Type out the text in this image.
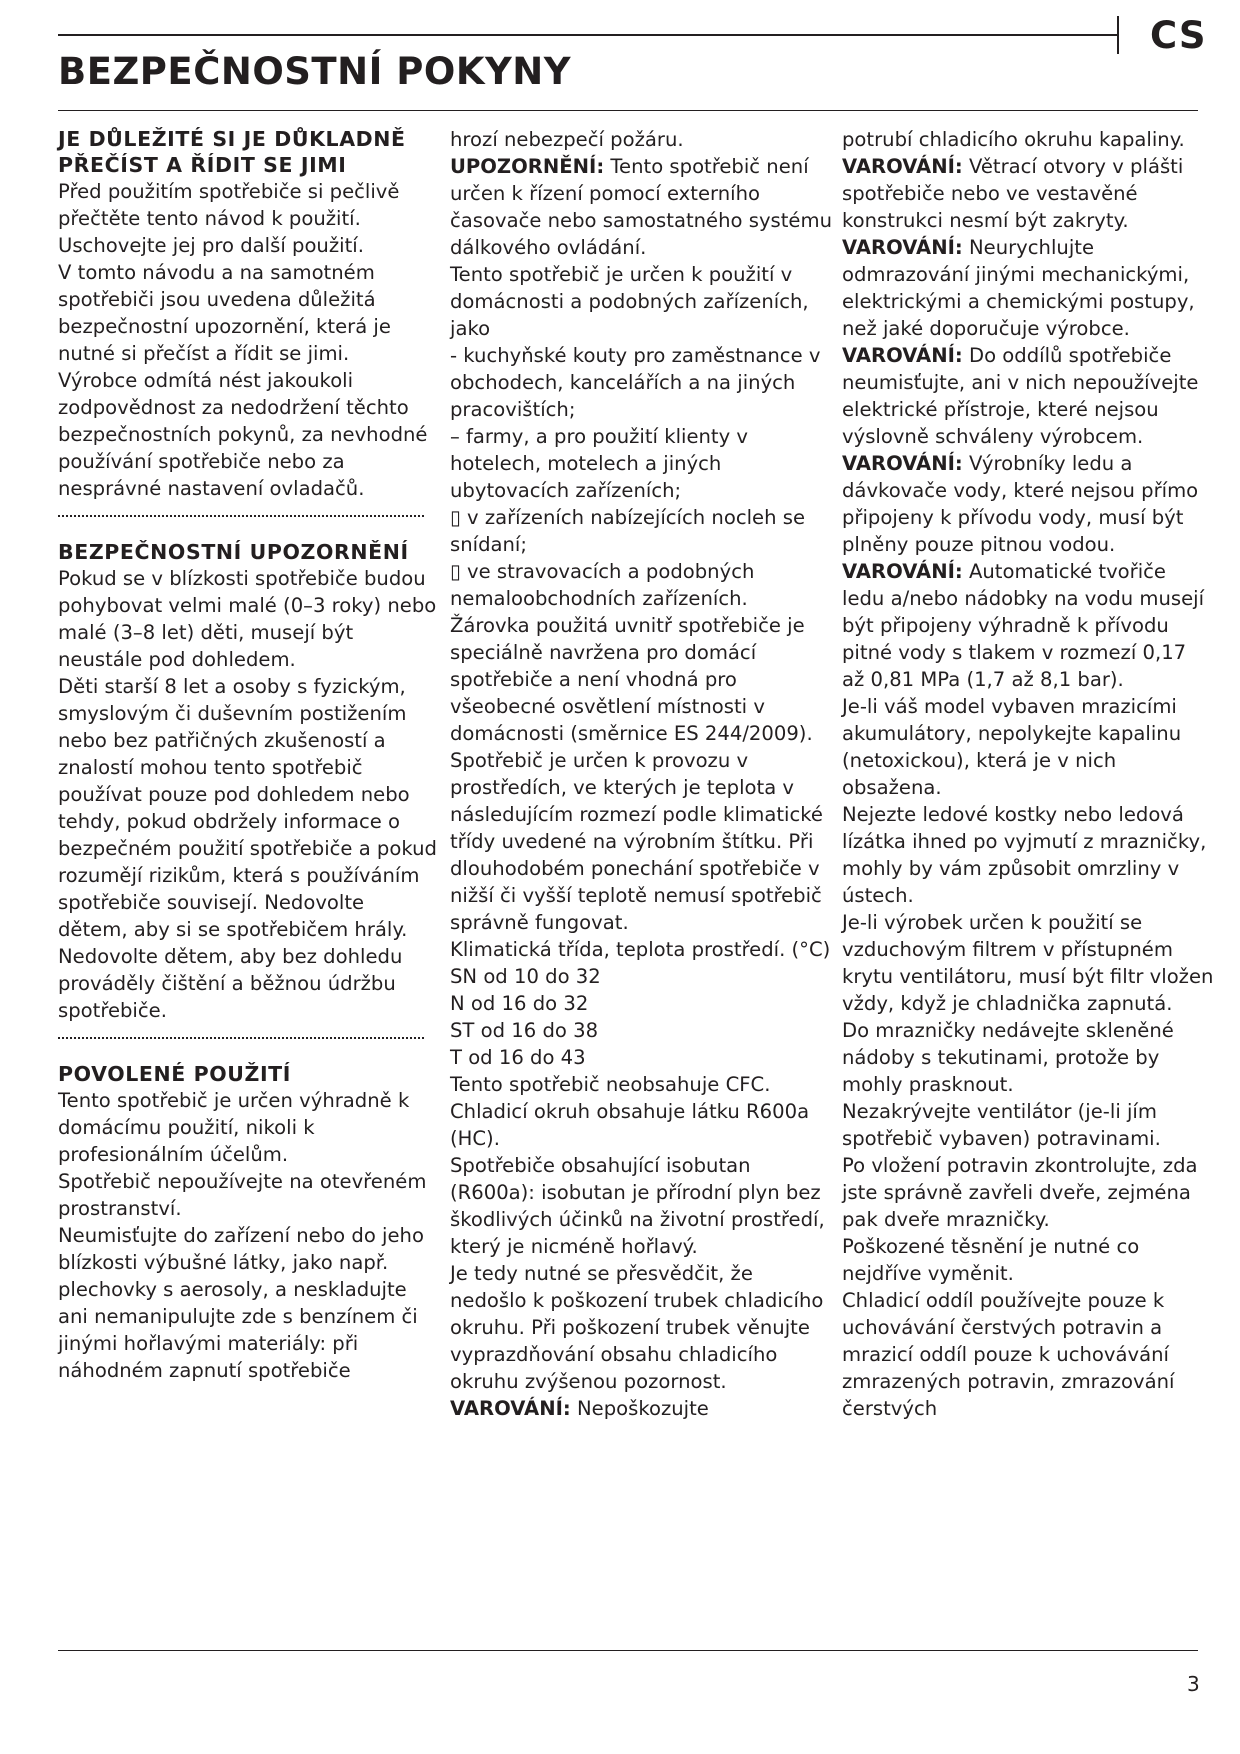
CS
BEZPEČNOSTNÍ POKYNY
JE DŮLEŽITÉ SI JE DŮKLADNĚ PŘEČÍST A ŘÍDIT SE JIMI

Před použitím spotřebiče si pečlivě přečtěte tento návod k použití.

Uschovejte jej pro další použití.

V tomto návodu a na samotném spotřebiči jsou uvedena důležitá bezpečnostní upozornění, která je nutné si přečíst a řídit se jimi.

Výrobce odmítá nést jakoukoli zodpovědnost za nedodržení těchto bezpečnostních pokynů, za nevhodné používání spotřebiče nebo za nesprávné nastavení ovladačů.

BEZPEČNOSTNÍ UPOZORNĚNÍ

Pokud se v blízkosti spotřebiče budou pohybovat velmi malé (0–3 roky) nebo malé (3–8 let) děti, musejí být neustále pod dohledem.

Děti starší 8 let a osoby s fyzickým, smyslovým či duševním postižením nebo bez patřičných zkušeností a znalostí mohou tento spotřebič používat pouze pod dohledem nebo tehdy, pokud obdržely informace o bezpečném použití spotřebiče a pokud rozumějí rizikům, která s používáním spotřebiče souvisejí. Nedovolte dětem, aby si se spotřebičem hrály. Nedovolte dětem, aby bez dohledu prováděly čištění a běžnou údržbu spotřebiče.

POVOLENÉ POUŽITÍ

Tento spotřebič je určen výhradně k domácímu použití, nikoli k profesionálním účelům.

Spotřebič nepoužívejte na otevřeném prostranství.

Neumisťujte do zařízení nebo do jeho blízkosti výbušné látky, jako např. plechovky s aerosoly, a neskladujte ani nemanipulujte zde s benzínem či jinými hořlavými materiály: při náhodném zapnutí spotřebiče

hrozí nebezpečí požáru.

UPOZORNĚNÍ: Tento spotřebič není určen k řízení pomocí externího časovače nebo samostatného systému dálkového ovládání.

Tento spotřebič je určen k použití v domácnosti a podobných zařízeních, jako

- kuchyňské kouty pro zaměstnance v obchodech, kancelářích a na jiných pracovištích;

– farmy, a pro použití klienty v hotelech, motelech a jiných ubytovacích zařízeních;

▯ v zařízeních nabízejících nocleh se snídaní;

▯ ve stravovacích a podobných nemaloobchodních zařízeních.

Žárovka použitá uvnitř spotřebiče je speciálně navržena pro domácí spotřebiče a není vhodná pro všeobecné osvětlení místnosti v domácnosti (směrnice ES 244/2009).

Spotřebič je určen k provozu v prostředích, ve kterých je teplota v následujícím rozmezí podle klimatické třídy uvedené na výrobním štítku. Při dlouhodobém ponechání spotřebiče v nižší či vyšší teplotě nemusí spotřebič správně fungovat.

Klimatická třída, teplota prostředí. (°C)

SN od 10 do 32

N od 16 do 32

ST od 16 do 38

T od 16 do 43

Tento spotřebič neobsahuje CFC. Chladicí okruh obsahuje látku R600a (HC).

Spotřebiče obsahující isobutan (R600a): isobutan je přírodní plyn bez škodlivých účinků na životní prostředí, který je nicméně hořlavý.

Je tedy nutné se přesvědčit, že nedošlo k poškození trubek chladicího okruhu. Při poškození trubek věnujte vyprazdňování obsahu chladicího okruhu zvýšenou pozornost.

VAROVÁNÍ: Nepoškozujte

potrubí chladicího okruhu kapaliny.

VAROVÁNÍ: Větrací otvory v plášti spotřebiče nebo ve vestavěné konstrukci nesmí být zakryty.

VAROVÁNÍ: Neurychlujte odmrazování jinými mechanickými, elektrickými a chemickými postupy, než jaké doporučuje výrobce.

VAROVÁNÍ: Do oddílů spotřebiče neumisťujte, ani v nich nepoužívejte elektrické přístroje, které nejsou výslovně schváleny výrobcem.

VAROVÁNÍ: Výrobníky ledu a dávkovače vody, které nejsou přímo připojeny k přívodu vody, musí být plněny pouze pitnou vodou.

VAROVÁNÍ: Automatické tvořiče ledu a/nebo nádobky na vodu musejí být připojeny výhradně k přívodu pitné vody s tlakem v rozmezí 0,17 až 0,81 MPa (1,7 až 8,1 bar).

Je-li váš model vybaven mrazicími akumulátory, nepolykejte kapalinu (netoxickou), která je v nich obsažena.

Nejezte ledové kostky nebo ledová lízátka ihned po vyjmutí z mrazničky, mohly by vám způsobit omrzliny v ústech.

Je-li výrobek určen k použití se vzduchovým filtrem v přístupném krytu ventilátoru, musí být filtr vložen vždy, když je chladnička zapnutá.

Do mrazničky nedávejte skleněné nádoby s tekutinami, protože by mohly prasknout.

Nezakrývejte ventilátor (je-li jím spotřebič vybaven) potravinami.

Po vložení potravin zkontrolujte, zda jste správně zavřeli dveře, zejména pak dveře mrazničky.

Poškozené těsnění je nutné co nejdříve vyměnit.

Chladicí oddíl používejte pouze k uchovávání čerstvých potravin a mrazicí oddíl pouze k uchovávání zmrazených potravin, zmrazování čerstvých

3
